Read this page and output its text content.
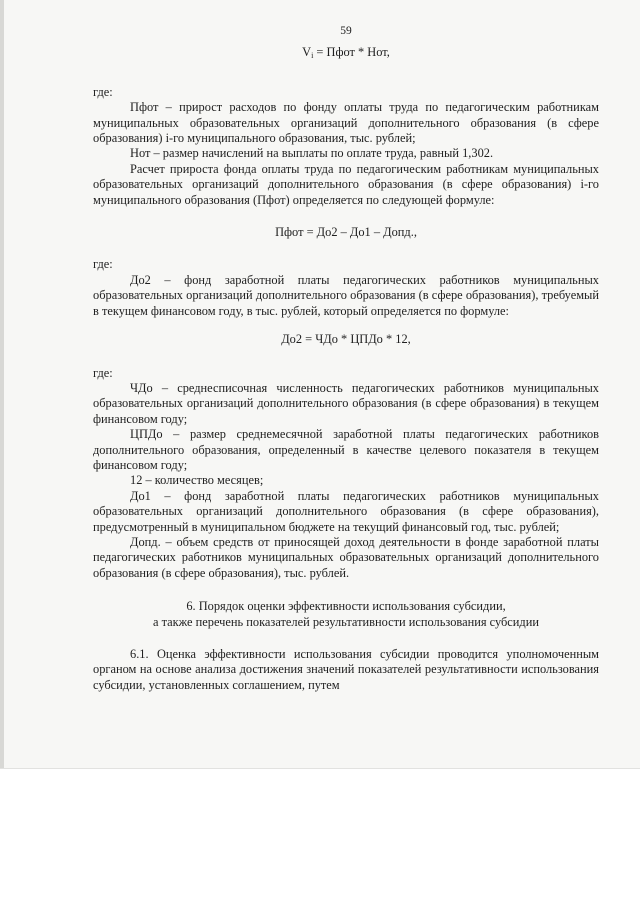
59
$V_i$ = Пфот * Нот,

где:

Пфот – прирост расходов по фонду оплаты труда по педагогическим работникам муниципальных образовательных организаций дополнительного образования (в сфере образования) i-го муниципального образования, тыс. рублей;

Нот – размер начислений на выплаты по оплате труда, равный 1,302.

Расчет прироста фонда оплаты труда по педагогическим работникам муниципальных образовательных организаций дополнительного образования (в сфере образования) i-го муниципального образования (Пфот) определяется по следующей формуле:

Пфот = До2 – До1 – Допд.,

где:

До2 – фонд заработной платы педагогических работников муниципальных образовательных организаций дополнительного образования (в сфере образования), требуемый в текущем финансовом году, в тыс. рублей, который определяется по формуле:

До2 = ЧДо * ЦПДо * 12,

где:

ЧДо – среднесписочная численность педагогических работников муниципальных образовательных организаций дополнительного образования (в сфере образования) в текущем финансовом году;

ЦПДо – размер среднемесячной заработной платы педагогических работников дополнительного образования, определенный в качестве целевого показателя в текущем финансовом году;

12 – количество месяцев;

До1 – фонд заработной платы педагогических работников муниципальных образовательных организаций дополнительного образования (в сфере образования), предусмотренный в муниципальном бюджете на текущий финансовый год, тыс. рублей;

Допд. – объем средств от приносящей доход деятельности в фонде заработной платы педагогических работников муниципальных образовательных организаций дополнительного образования (в сфере образования), тыс. рублей.

6. Порядок оценки эффективности использования субсидии,
а также перечень показателей результативности использования субсидии

6.1. Оценка эффективности использования субсидии проводится уполномоченным органом на основе анализа достижения значений показателей результативности использования субсидии, установленных соглашением, путем
